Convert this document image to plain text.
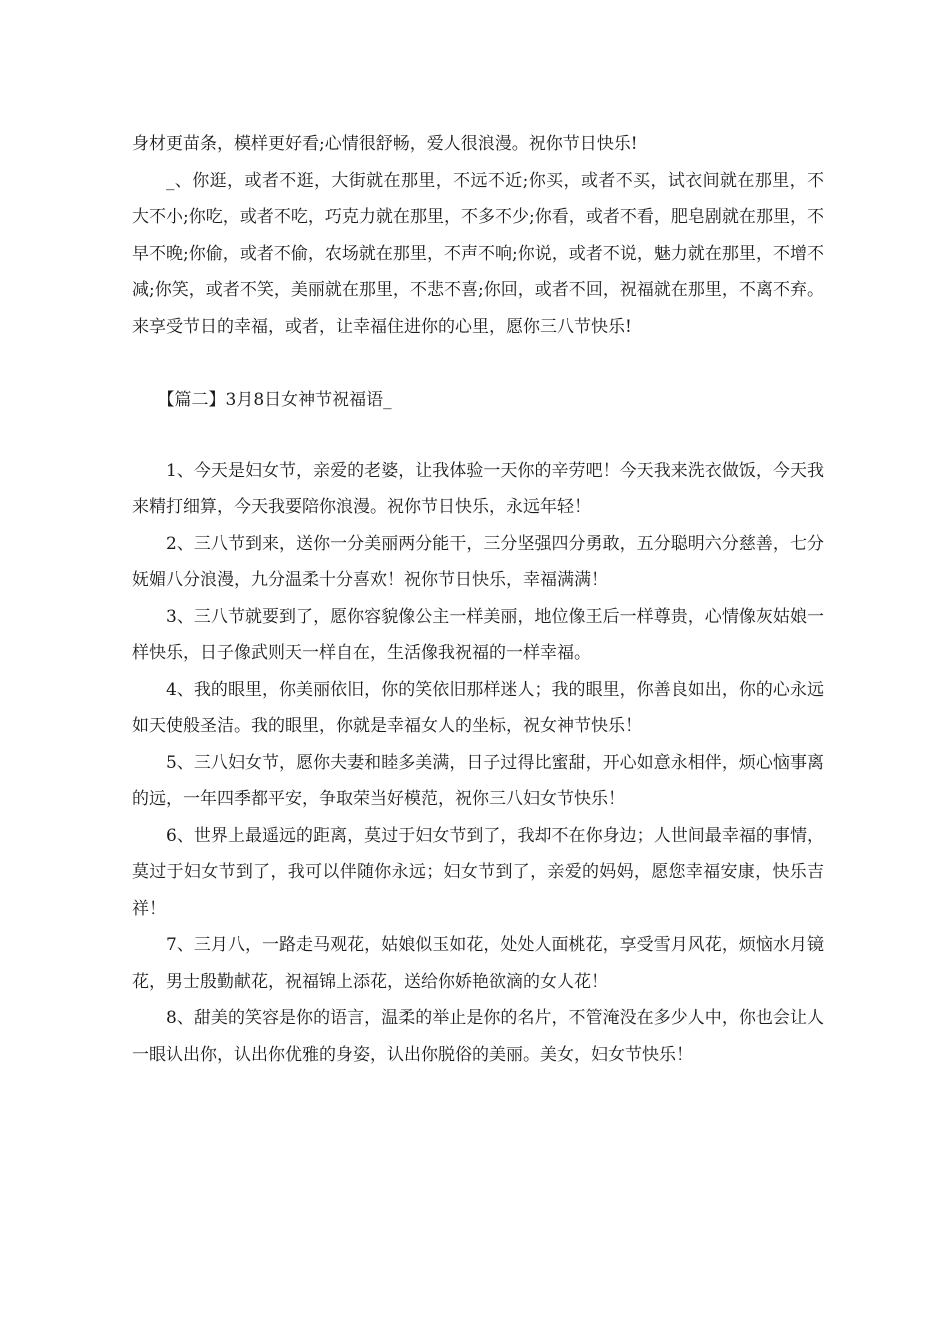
身材更苗条，模样更好看;心情很舒畅，爱人很浪漫。祝你节日快乐!

_、你逛，或者不逛，大街就在那里，不远不近;你买，或者不买，试衣间就在那里，不大不小;你吃，或者不吃，巧克力就在那里，不多不少;你看，或者不看，肥皂剧就在那里，不早不晚;你偷，或者不偷，农场就在那里，不声不响;你说，或者不说，魅力就在那里，不增不减;你笑，或者不笑，美丽就在那里，不悲不喜;你回，或者不回，祝福就在那里，不离不弃。来享受节日的幸福，或者，让幸福住进你的心里，愿你三八节快乐!

【篇二】3月8日女神节祝福语_

1、今天是妇女节，亲爱的老婆，让我体验一天你的辛劳吧！今天我来洗衣做饭，今天我来精打细算，今天我要陪你浪漫。祝你节日快乐，永远年轻！

2、三八节到来，送你一分美丽两分能干，三分坚强四分勇敢，五分聪明六分慈善，七分妩媚八分浪漫，九分温柔十分喜欢！祝你节日快乐，幸福满满！

3、三八节就要到了，愿你容貌像公主一样美丽，地位像王后一样尊贵，心情像灰姑娘一样快乐，日子像武则天一样自在，生活像我祝福的一样幸福。

4、我的眼里，你美丽依旧，你的笑依旧那样迷人；我的眼里，你善良如出，你的心永远如天使般圣洁。我的眼里，你就是幸福女人的坐标，祝女神节快乐！

5、三八妇女节，愿你夫妻和睦多美满，日子过得比蜜甜，开心如意永相伴，烦心恼事离的远，一年四季都平安，争取荣当好模范，祝你三八妇女节快乐！

6、世界上最遥远的距离，莫过于妇女节到了，我却不在你身边；人世间最幸福的事情，莫过于妇女节到了，我可以伴随你永远；妇女节到了，亲爱的妈妈，愿您幸福安康，快乐吉祥！

7、三月八，一路走马观花，姑娘似玉如花，处处人面桃花，享受雪月风花，烦恼水月镜花，男士殷勤献花，祝福锦上添花，送给你娇艳欲滴的女人花！

8、甜美的笑容是你的语言，温柔的举止是你的名片，不管淹没在多少人中，你也会让人一眼认出你，认出你优雅的身姿，认出你脱俗的美丽。美女，妇女节快乐！
